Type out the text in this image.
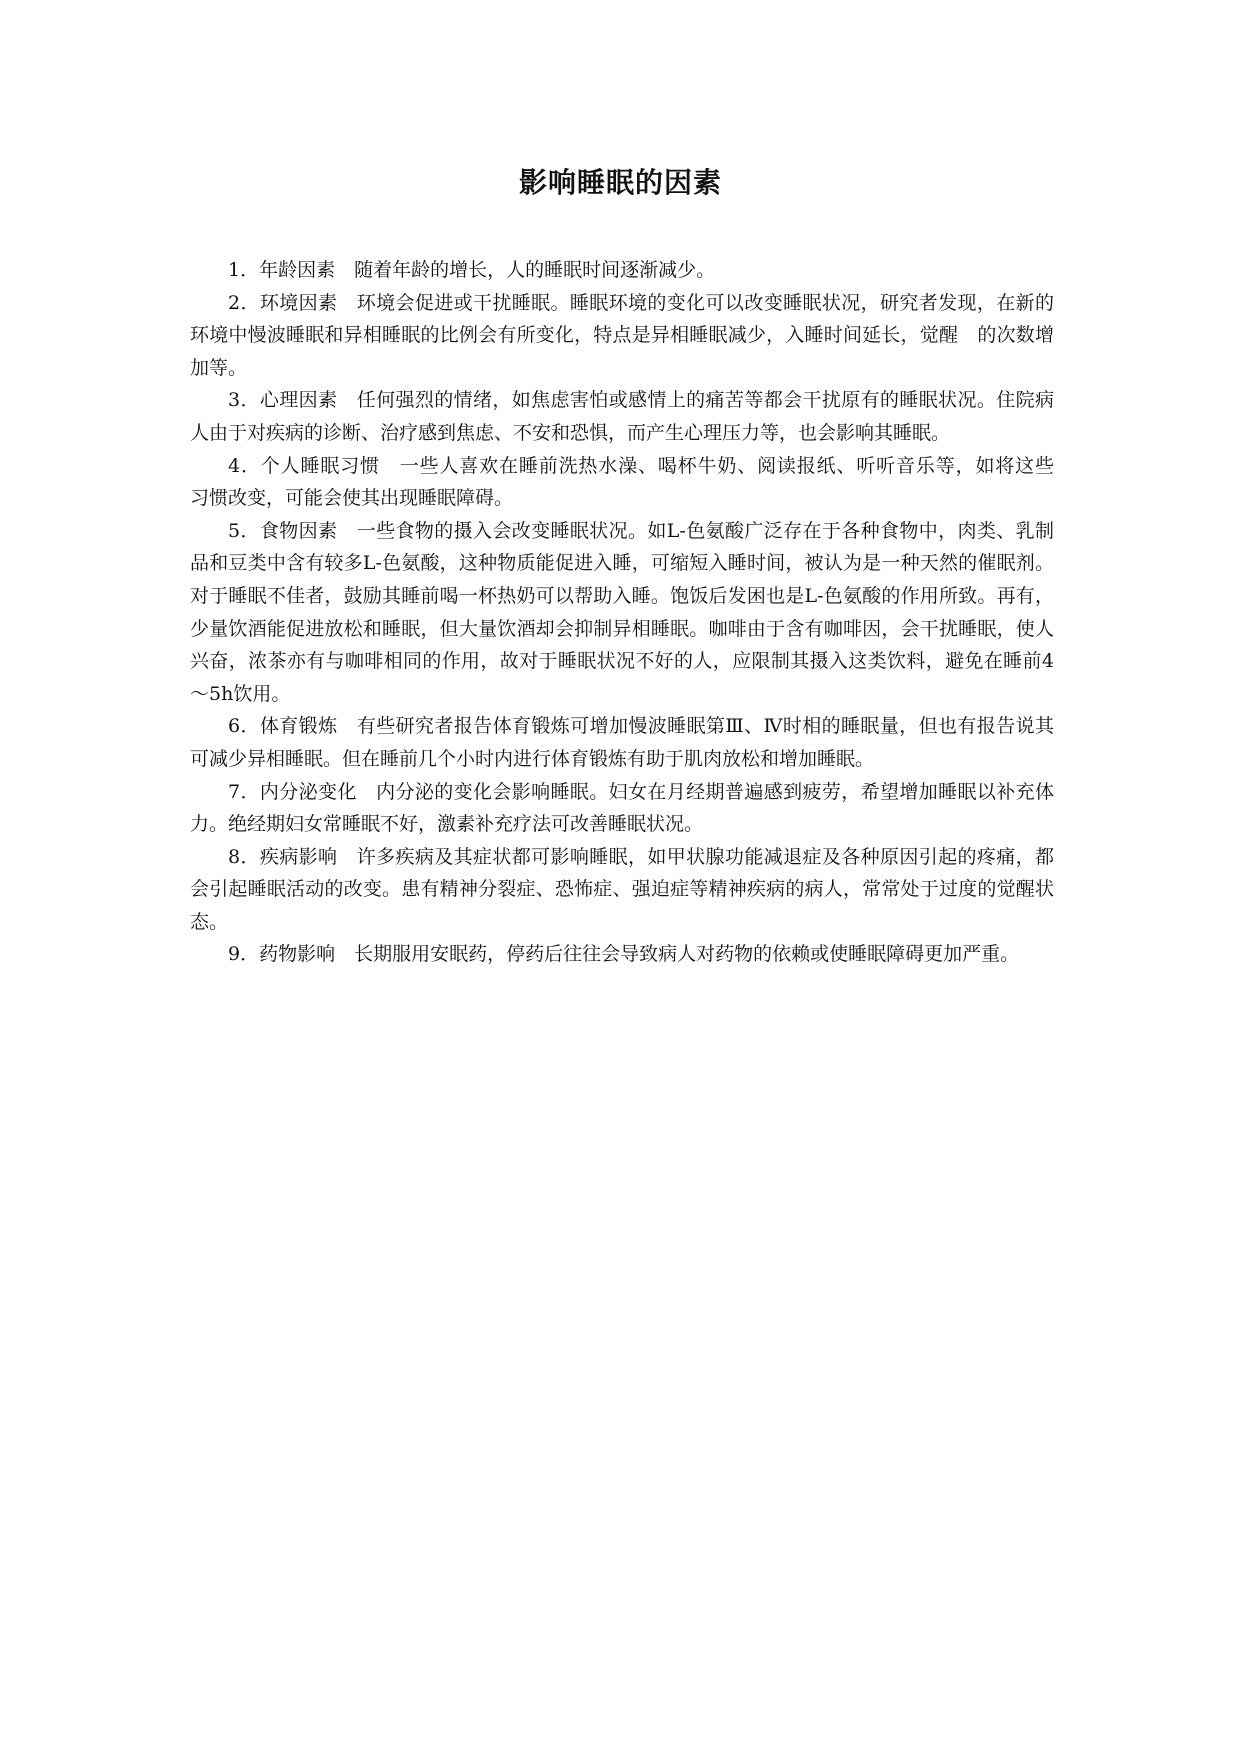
影响睡眠的因素

1．年龄因素　随着年龄的增长，人的睡眠时间逐渐减少。

2．环境因素　环境会促进或干扰睡眠。睡眠环境的变化可以改变睡眠状况，研究者发现，在新的环境中慢波睡眠和异相睡眠的比例会有所变化，特点是异相睡眠减少，入睡时间延长，觉醒　的次数增加等。

3．心理因素　任何强烈的情绪，如焦虑害怕或感情上的痛苦等都会干扰原有的睡眠状况。住院病人由于对疾病的诊断、治疗感到焦虑、不安和恐惧，而产生心理压力等，也会影响其睡眠。

4．个人睡眠习惯　一些人喜欢在睡前洗热水澡、喝杯牛奶、阅读报纸、听听音乐等，如将这些　习惯改变，可能会使其出现睡眠障碍。

5．食物因素　一些食物的摄入会改变睡眠状况。如L-色氨酸广泛存在于各种食物中，肉类、乳制品和豆类中含有较多L-色氨酸，这种物质能促进入睡，可缩短入睡时间，被认为是一种天然的催眠剂。对于睡眠不佳者，鼓励其睡前喝一杯热奶可以帮助入睡。饱饭后发困也是L-色氨酸的作用所致。再有，少量饮酒能促进放松和睡眠，但大量饮酒却会抑制异相睡眠。咖啡由于含有咖啡因，会干扰睡眠，使人兴奋，浓茶亦有与咖啡相同的作用，故对于睡眠状况不好的人，应限制其摄入这类饮料，避免在睡前4～5h饮用。

6．体育锻炼　有些研究者报告体育锻炼可增加慢波睡眠第Ⅲ、Ⅳ时相的睡眠量，但也有报告说其可减少异相睡眠。但在睡前几个小时内进行体育锻炼有助于肌肉放松和增加睡眠。

7．内分泌变化　内分泌的变化会影响睡眠。妇女在月经期普遍感到疲劳，希望增加睡眠以补充体力。绝经期妇女常睡眠不好，激素补充疗法可改善睡眠状况。

8．疾病影响　许多疾病及其症状都可影响睡眠，如甲状腺功能减退症及各种原因引起的疼痛，都会引起睡眠活动的改变。患有精神分裂症、恐怖症、强迫症等精神疾病的病人，常常处于过度的觉醒状态。

9．药物影响　长期服用安眠药，停药后往往会导致病人对药物的依赖或使睡眠障碍更加严重。
